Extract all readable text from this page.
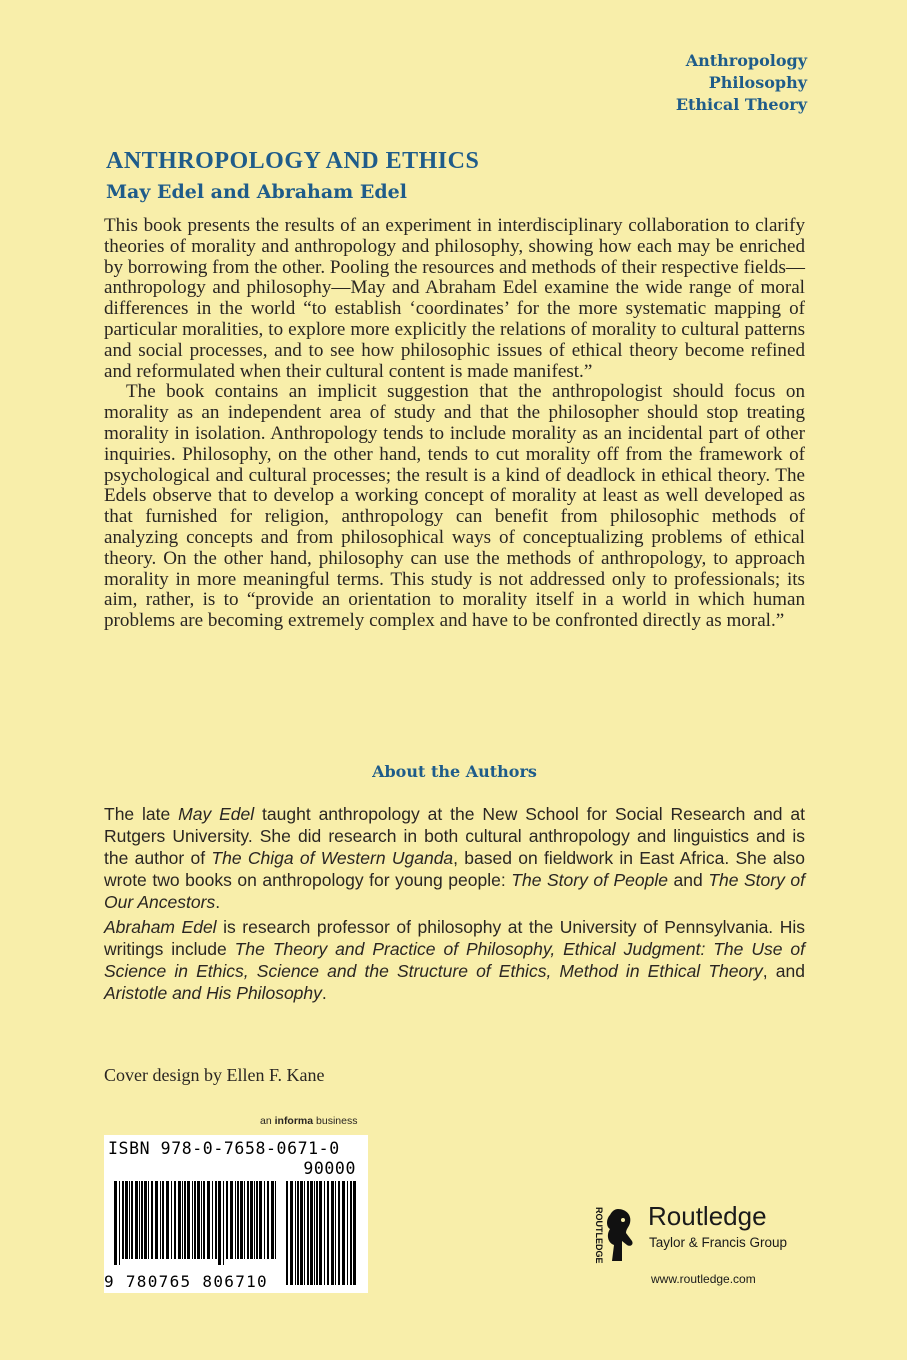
Anthropology
Philosophy
Ethical Theory
ANTHROPOLOGY AND ETHICS
May Edel and Abraham Edel

This book presents the results of an experiment in interdisciplinary collaboration to clarify theories of morality and anthropology and philosophy, showing how each may be enriched by borrowing from the other. Pooling the resources and methods of their respective fields—anthropology and philosophy—May and Abraham Edel examine the wide range of moral differences in the world “to establish ‘coordinates’ for the more systematic mapping of particular moralities, to explore more explicitly the relations of morality to cultural patterns and social processes, and to see how philosophic issues of ethical theory become refined and reformulated when their cultural content is made manifest.”

The book contains an implicit suggestion that the anthropologist should focus on morality as an independent area of study and that the philosopher should stop treating morality in isolation. Anthropology tends to include morality as an incidental part of other inquiries. Philosophy, on the other hand, tends to cut morality off from the framework of psychological and cultural processes; the result is a kind of deadlock in ethical theory. The Edels observe that to develop a working concept of morality at least as well developed as that furnished for religion, anthropology can benefit from philosophic methods of analyzing concepts and from philosophical ways of conceptualizing problems of ethical theory. On the other hand, philosophy can use the methods of anthropology, to approach morality in more meaningful terms. This study is not addressed only to professionals; its aim, rather, is to “provide an orientation to morality itself in a world in which human problems are becoming extremely complex and have to be confronted directly as moral.”

About the Authors
The late May Edel taught anthropology at the New School for Social Research and at Rutgers University. She did research in both cultural anthropology and linguistics and is the author of The Chiga of Western Uganda, based on fieldwork in East Africa. She also wrote two books on anthropology for young people: The Story of People and The Story of Our Ancestors.
Abraham Edel is research professor of philosophy at the University of Pennsylvania. His writings include The Theory and Practice of Philosophy, Ethical Judgment: The Use of Science in Ethics, Science and the Structure of Ethics, Method in Ethical Theory, and Aristotle and His Philosophy.
Cover design by Ellen F. Kane
an informa business
ISBN 978-0-7658-0671-0
90000
9 780765 806710
ROUTLEDGE Routledge
Taylor & Francis Group
www.routledge.com
